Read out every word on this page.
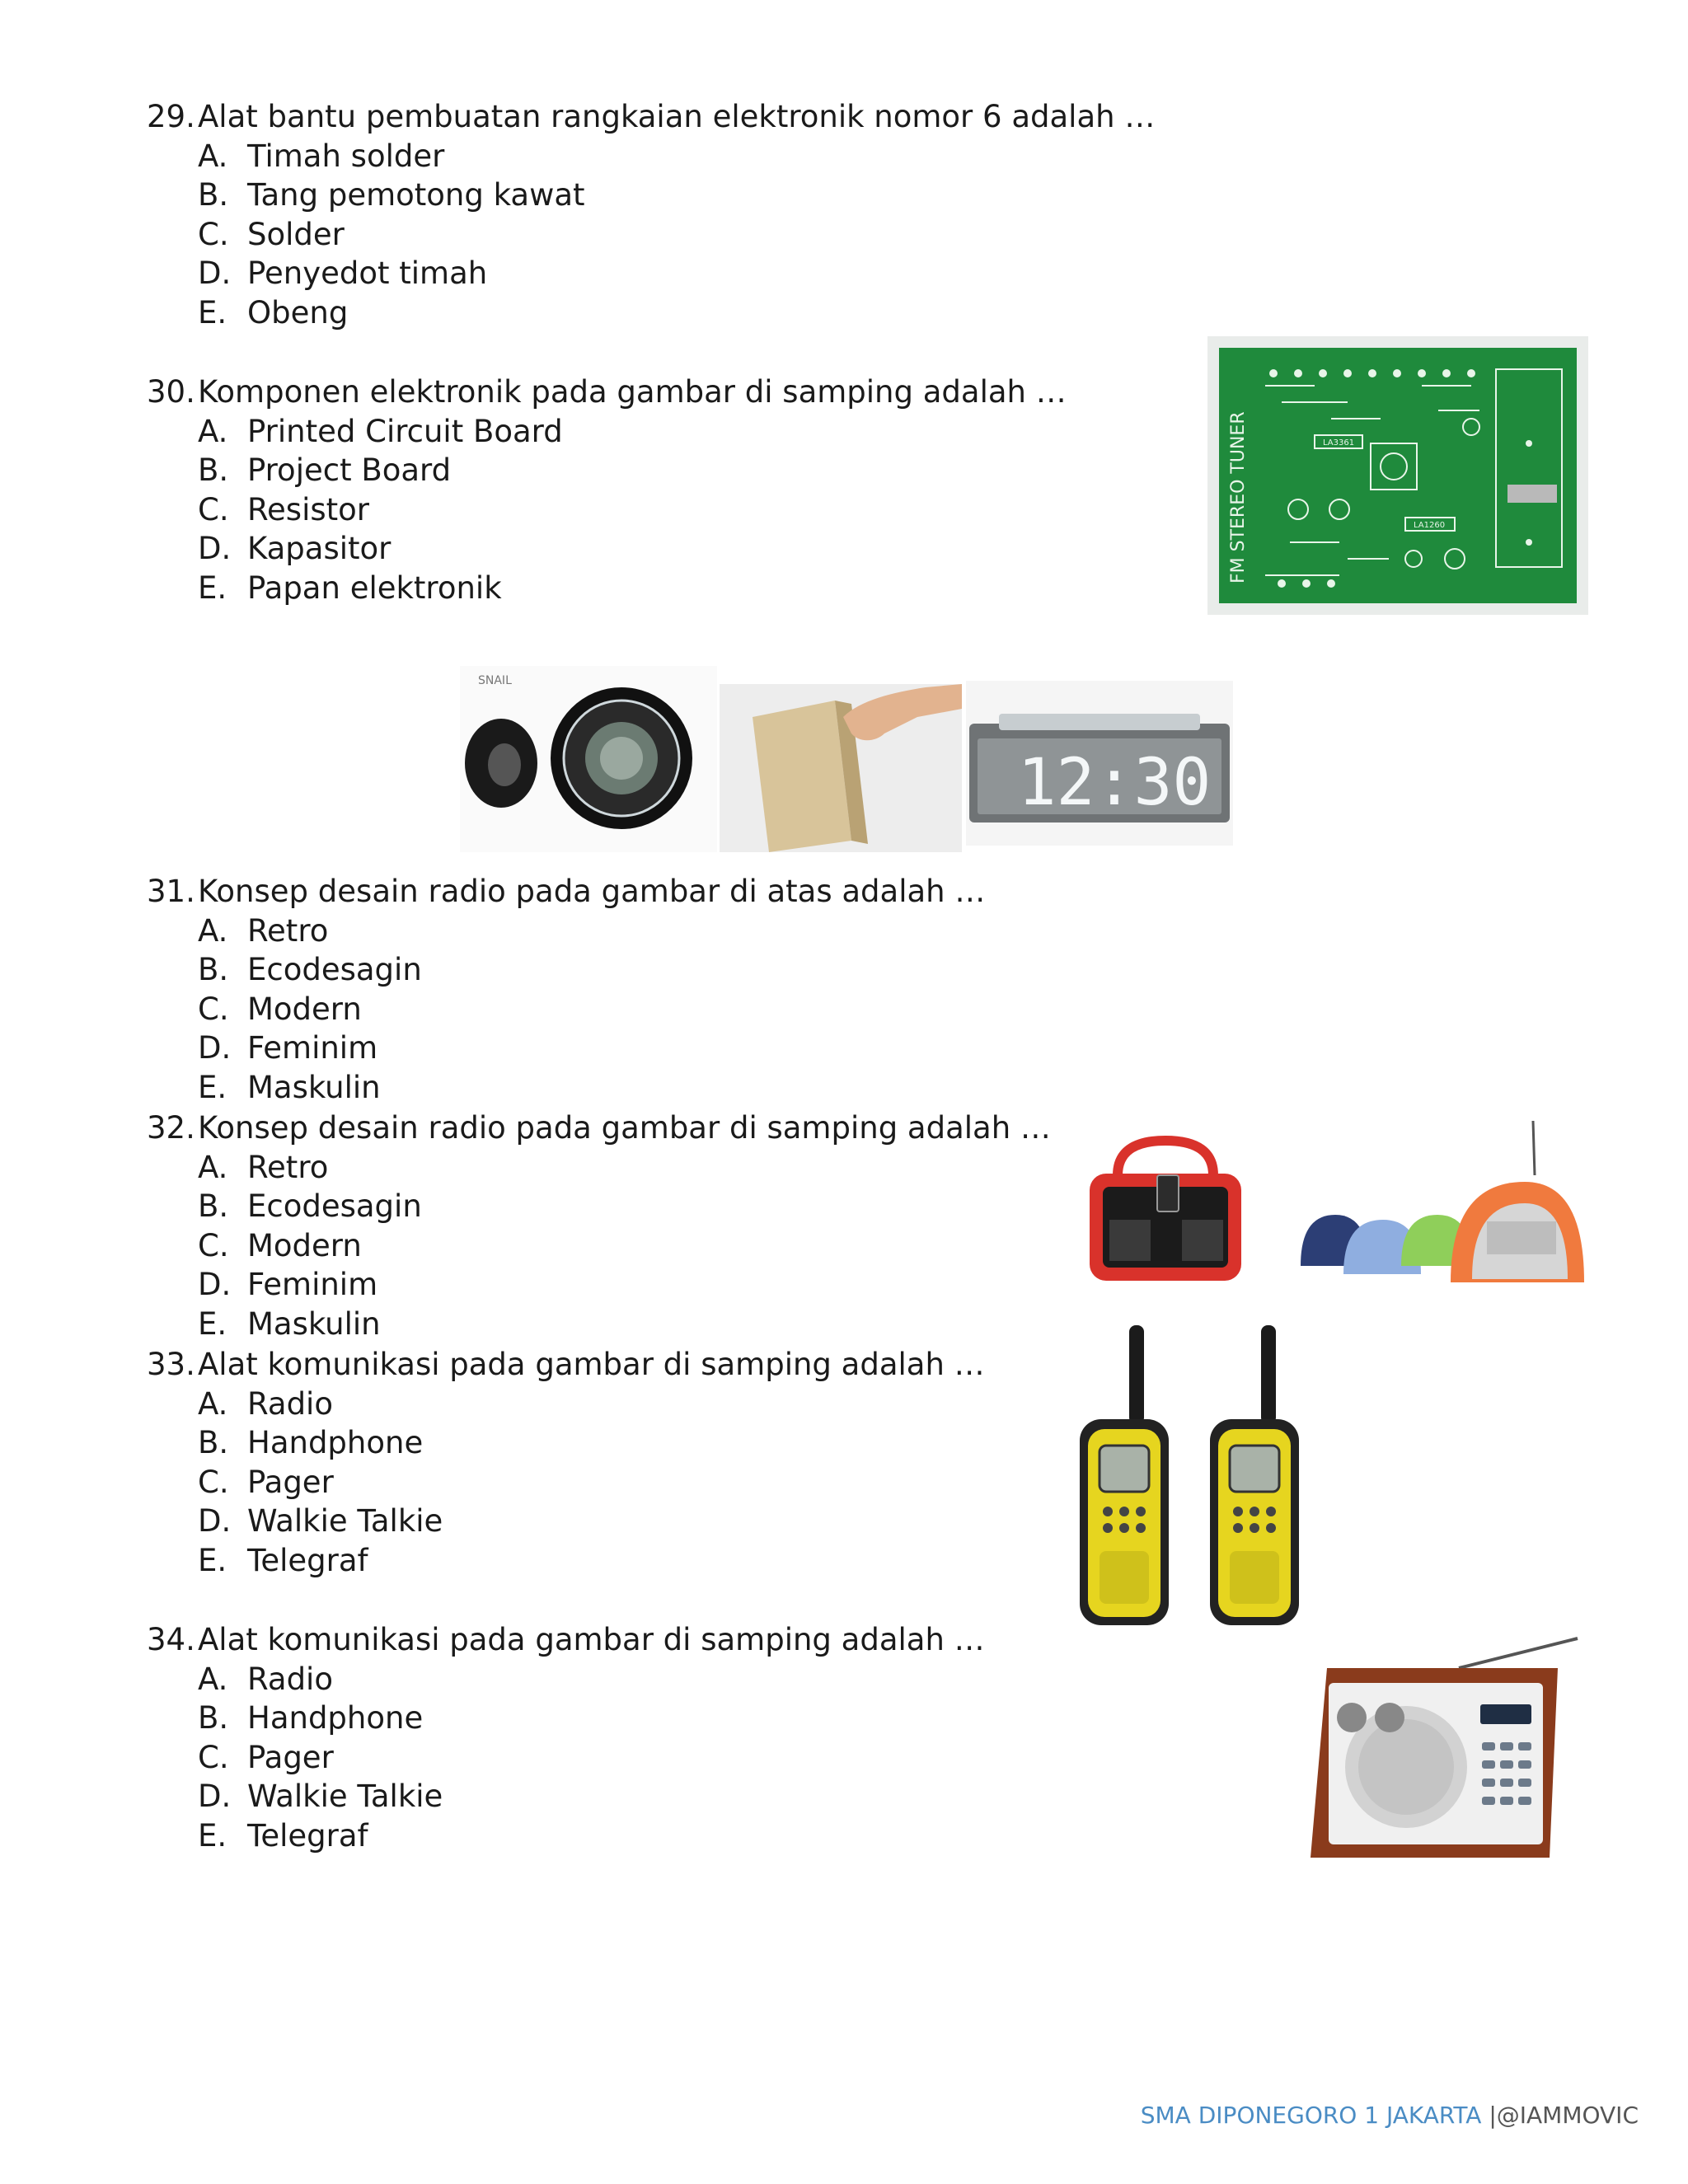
29. Alat bantu pembuatan rangkaian elektronik nomor 6 adalah …
A. Timah solder
B. Tang pemotong kawat
C. Solder
D. Penyedot timah
E. Obeng
30. Komponen elektronik pada gambar di samping adalah …
A. Printed Circuit Board
B. Project Board
C. Resistor
D. Kapasitor
E. Papan elektronik
FM STEREO TUNER	LA3361
LA1260
SNAIL
12:30
31. Konsep desain radio pada gambar di atas adalah …
A. Retro
B. Ecodesagin
C. Modern
D. Feminim
E. Maskulin
32. Konsep desain radio pada gambar di samping adalah …
A. Retro
B. Ecodesagin
C. Modern
D. Feminim
E. Maskulin
33. Alat komunikasi pada gambar di samping adalah …
A. Radio
B. Handphone
C. Pager
D. Walkie Talkie
E. Telegraf
34. Alat komunikasi pada gambar di samping adalah …
A. Radio
B. Handphone
C. Pager
D. Walkie Talkie
E. Telegraf
SMA DIPONEGORO 1 JAKARTA |@IAMMOVIC
